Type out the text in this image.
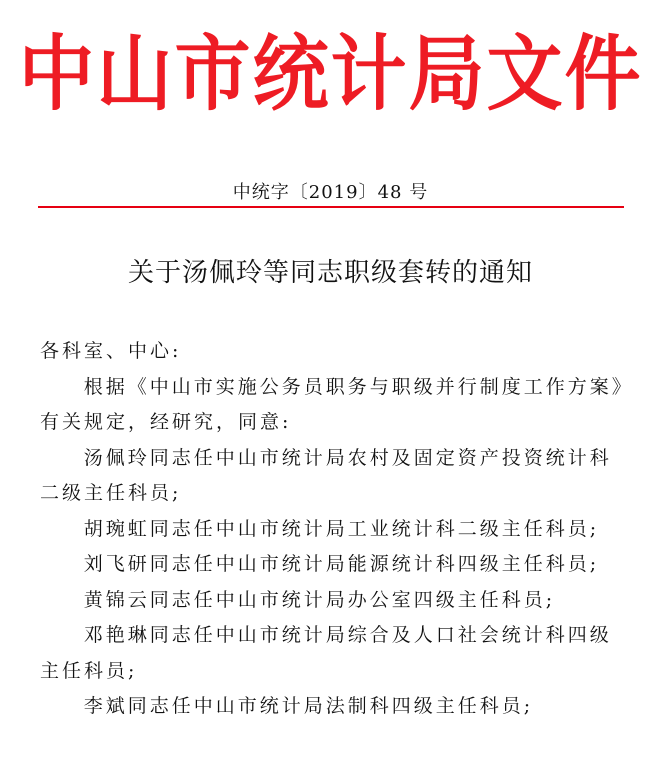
中山市统计局文件
中统字〔2019〕48 号
关于汤佩玲等同志职级套转的通知

各科室、中心:

根据《中山市实施公务员职务与职级并行制度工作方案》有关规定，经研究，同意:

汤佩玲同志任中山市统计局农村及固定资产投资统计科二级主任科员;

胡琬虹同志任中山市统计局工业统计科二级主任科员;

刘飞研同志任中山市统计局能源统计科四级主任科员;

黄锦云同志任中山市统计局办公室四级主任科员;

邓艳琳同志任中山市统计局综合及人口社会统计科四级主任科员;

李斌同志任中山市统计局法制科四级主任科员;
